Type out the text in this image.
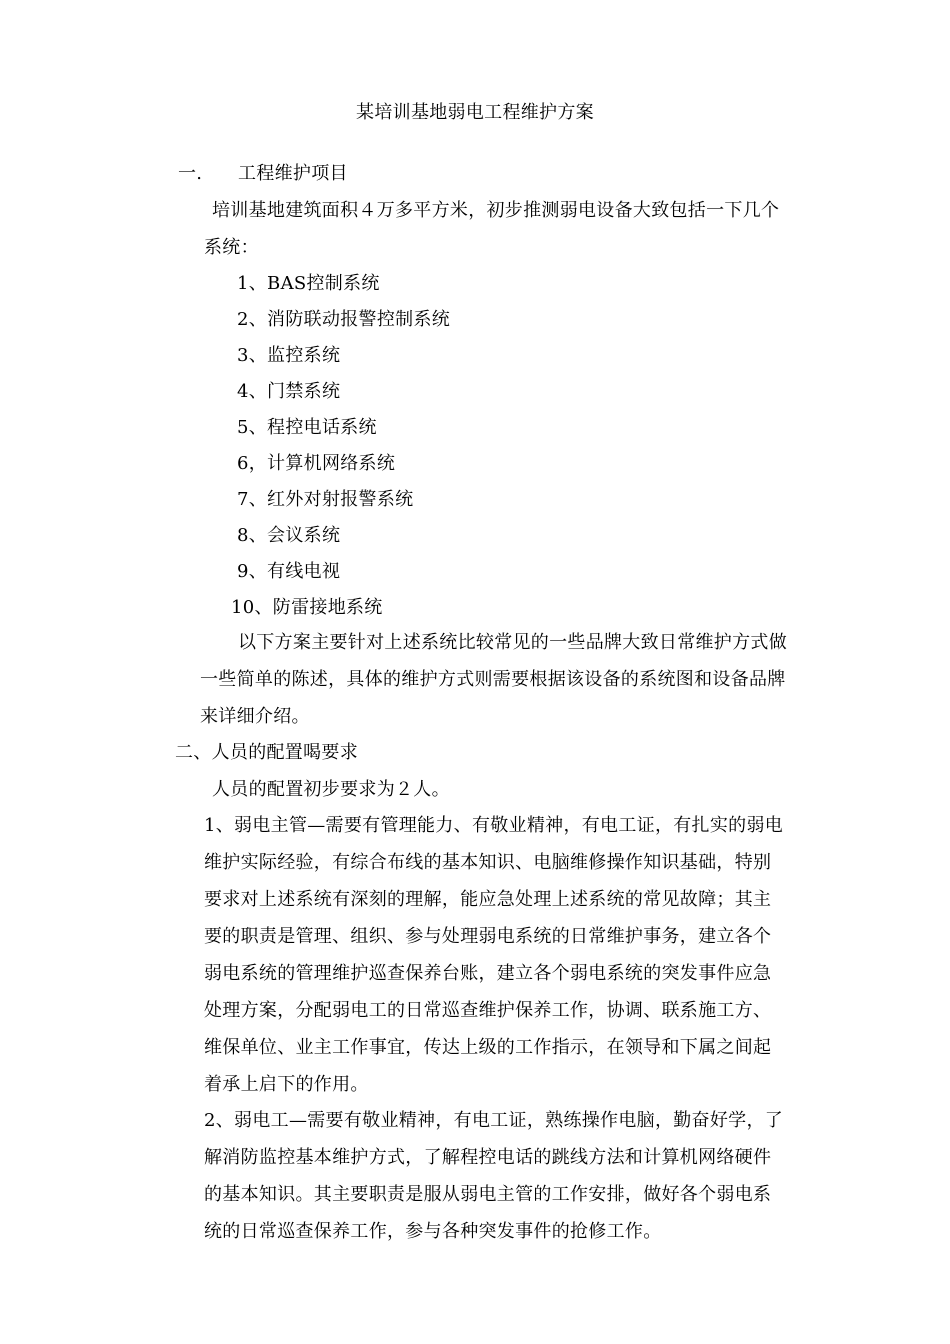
某培训基地弱电工程维护方案
一. 工程维护项目
培训基地建筑面积４万多平方米，初步推测弱电设备大致包括一下几个
系统：
1、BAS控制系统
2、消防联动报警控制系统
3、监控系统
4、门禁系统
5、程控电话系统
6，计算机网络系统
7、红外对射报警系统
8、会议系统
9、有线电视
10、防雷接地系统
以下方案主要针对上述系统比较常见的一些品牌大致日常维护方式做
一些简单的陈述，具体的维护方式则需要根据该设备的系统图和设备品牌
来详细介绍。
二、人员的配置喝要求
人员的配置初步要求为２人。
1、弱电主管—需要有管理能力、有敬业精神，有电工证，有扎实的弱电
维护实际经验，有综合布线的基本知识、电脑维修操作知识基础，特别
要求对上述系统有深刻的理解，能应急处理上述系统的常见故障；其主
要的职责是管理、组织、参与处理弱电系统的日常维护事务，建立各个
弱电系统的管理维护巡查保养台账，建立各个弱电系统的突发事件应急
处理方案，分配弱电工的日常巡查维护保养工作，协调、联系施工方、
维保单位、业主工作事宜，传达上级的工作指示，在领导和下属之间起
着承上启下的作用。
2、弱电工—需要有敬业精神，有电工证，熟练操作电脑，勤奋好学，了
解消防监控基本维护方式，了解程控电话的跳线方法和计算机网络硬件
的基本知识。其主要职责是服从弱电主管的工作安排，做好各个弱电系
统的日常巡查保养工作，参与各种突发事件的抢修工作。
